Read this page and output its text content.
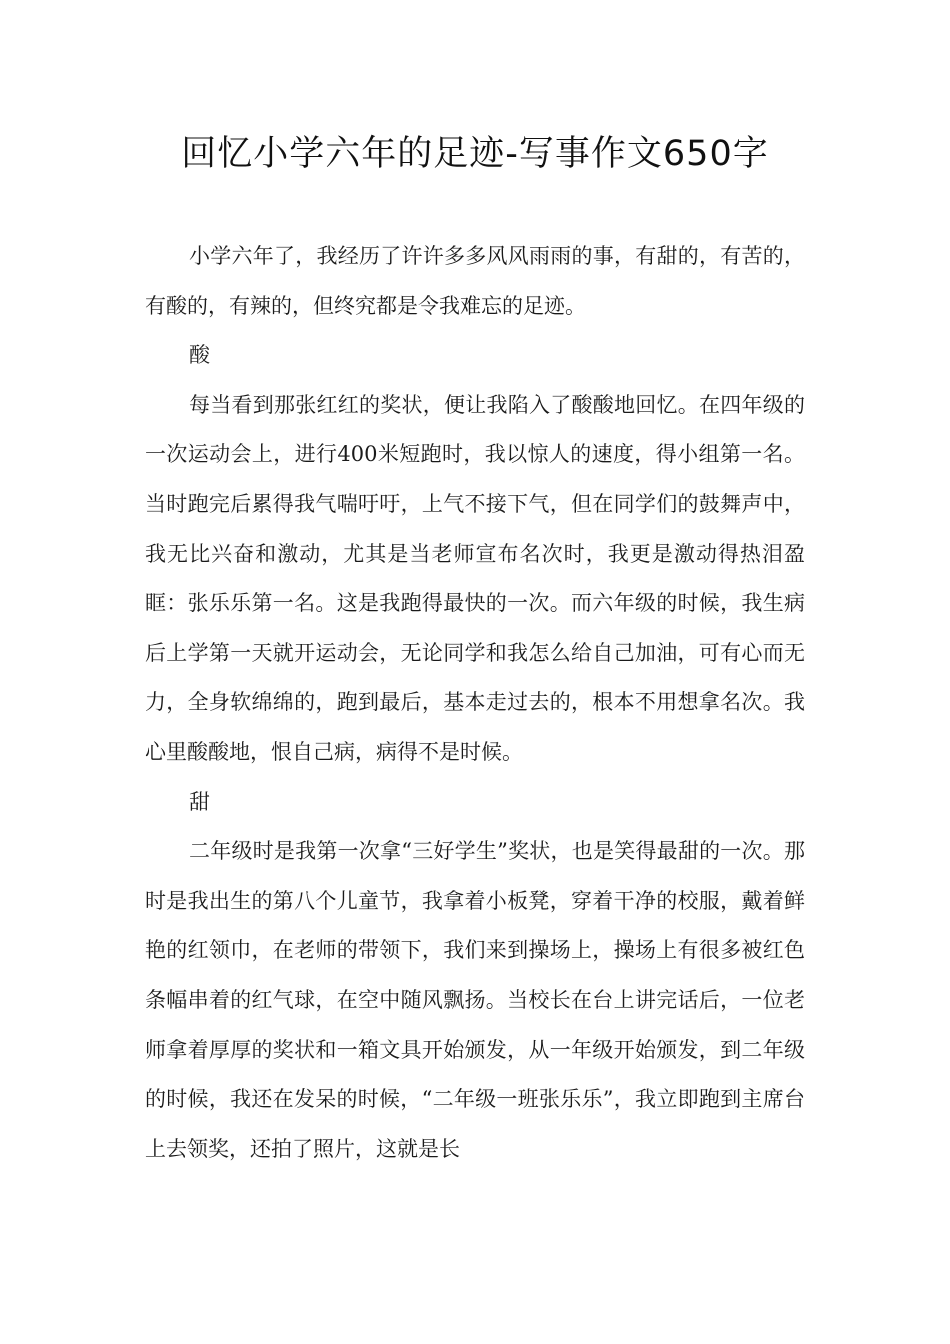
回忆小学六年的足迹-写事作文650字

小学六年了，我经历了许许多多风风雨雨的事，有甜的，有苦的，有酸的，有辣的，但终究都是令我难忘的足迹。

酸

每当看到那张红红的奖状，便让我陷入了酸酸地回忆。在四年级的一次运动会上，进行400米短跑时，我以惊人的速度，得小组第一名。当时跑完后累得我气喘吁吁，上气不接下气，但在同学们的鼓舞声中，我无比兴奋和激动，尤其是当老师宣布名次时，我更是激动得热泪盈眶：张乐乐第一名。这是我跑得最快的一次。而六年级的时候，我生病后上学第一天就开运动会，无论同学和我怎么给自己加油，可有心而无力，全身软绵绵的，跑到最后，基本走过去的，根本不用想拿名次。我心里酸酸地，恨自己病，病得不是时候。

甜

二年级时是我第一次拿“三好学生”奖状，也是笑得最甜的一次。那时是我出生的第八个儿童节，我拿着小板凳，穿着干净的校服，戴着鲜艳的红领巾，在老师的带领下，我们来到操场上，操场上有很多被红色条幅串着的红气球，在空中随风飘扬。当校长在台上讲完话后，一位老师拿着厚厚的奖状和一箱文具开始颁发，从一年级开始颁发，到二年级的时候，我还在发呆的时候，“二年级一班张乐乐”，我立即跑到主席台上去领奖，还拍了照片，这就是长
